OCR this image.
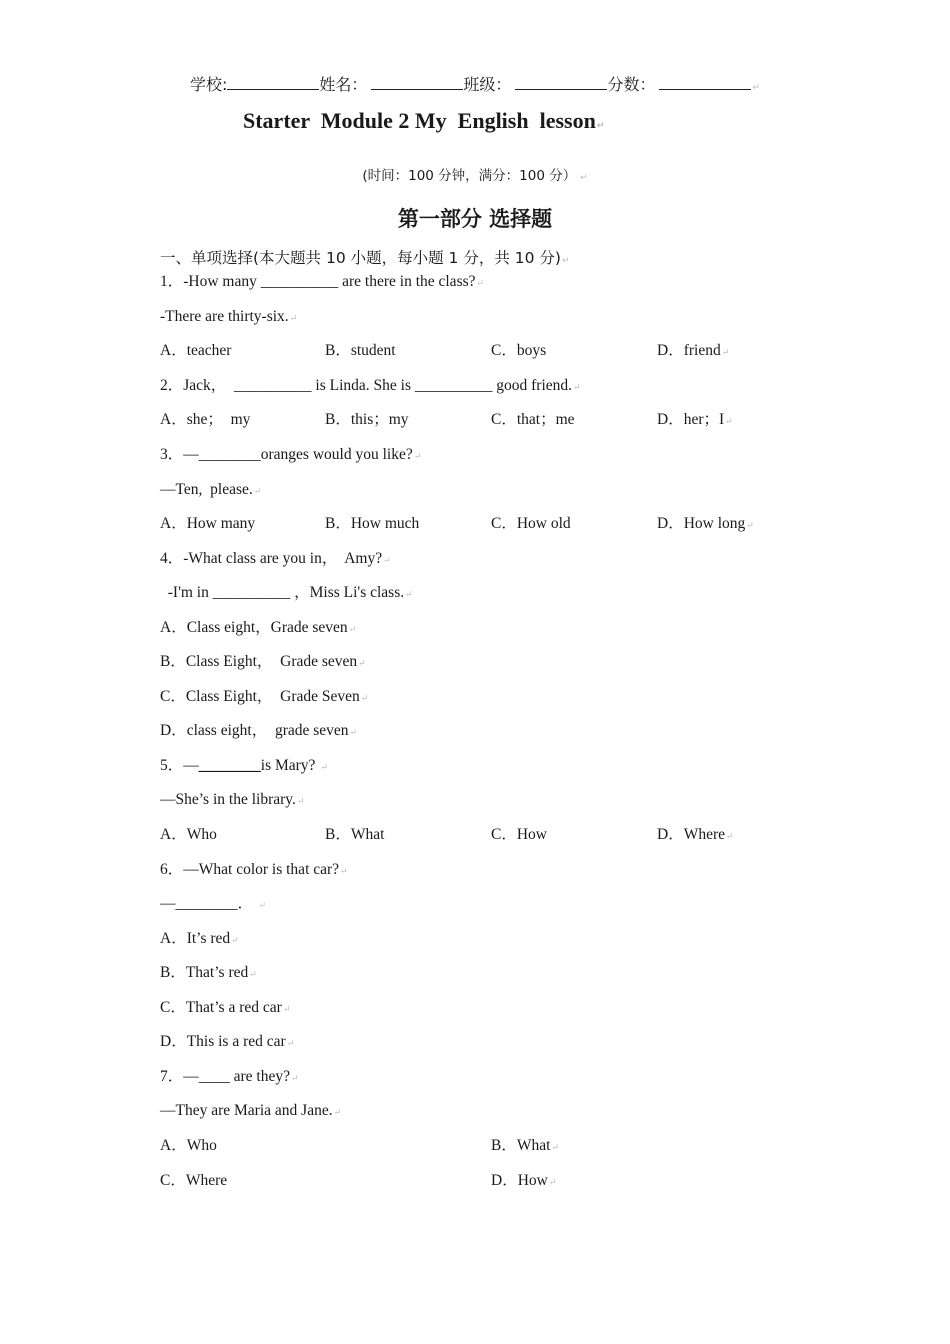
学校:	姓名：	班级：	分数：	↵
Starter  Module 2 My  English  lesson↵
(时间：100 分钟，满分：100 分） ↵
第一部分 选择题
一、单项选择(本大题共 10 小题，每小题 1 分，共 10 分)↵
1．-How many __________ are there in the class?↵
-There are thirty-six.↵
A．teacher	B．student	C．boys	D．friend↵
2．Jack，  __________ is Linda. She is __________ good friend.↵
A．she；  my	B．this；my	C．that；me	D．her；I↵
3．—________oranges would you like?↵
—Ten,  please.↵
A．How many	B．How much	C．How old	D．How long↵
4．-What class are you in，  Amy?↵
-I'm in __________ ，Miss Li's class.↵
A．Class eight，Grade seven↵
B．Class Eight，  Grade seven↵
C．Class Eight，  Grade Seven↵
D．class eight，  grade seven↵
5．—________is Mary? ↵
—She’s in the library.↵
A．Who	B．What	C．How	D．Where↵
6．—What color is that car?↵
—________．  ↵
A．It’s red↵
B．That’s red↵
C．That’s a red car↵
D．This is a red car↵
7．—____ are they?↵
—They are Maria and Jane.↵
A．Who	B．What↵
C．Where	D．How↵
